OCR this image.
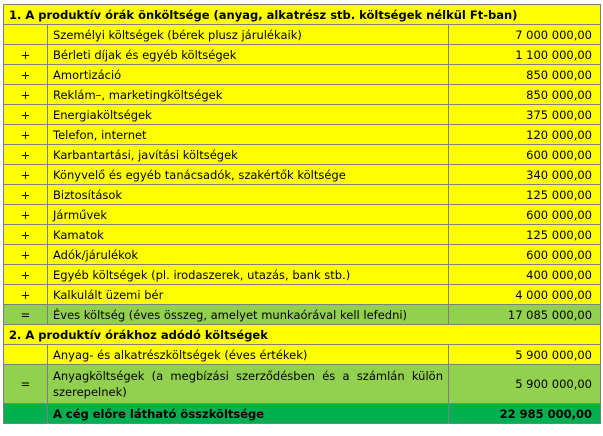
1. A produktív órák önköltsége (anyag, alkatrész stb. költségek nélkül Ft-ban)		
	Személyi költségek (bérek plusz járulékaik)	7 000 000,00
+	Bérleti díjak és egyéb költségek	1 100 000,00
+	Amortizáció	850 000,00
+	Reklám–, marketingköltségek	850 000,00
+	Energiaköltségek	375 000,00
+	Telefon, internet	120 000,00
+	Karbantartási, javítási költségek	600 000,00
+	Könyvelő és egyéb tanácsadók, szakértők költsége	340 000,00
+	Biztosítások	125 000,00
+	Járművek	600 000,00
+	Kamatok	125 000,00
+	Adók/járulékok	600 000,00
+	Egyéb költségek (pl. irodaszerek, utazás, bank stb.)	400 000,00
+	Kalkulált üzemi bér	4 000 000,00
=	Éves költség (éves összeg, amelyet munkaórával kell lefedni)	17 085 000,00
2. A produktív órákhoz adódó költségek		
	Anyag- és alkatrészköltségek (éves értékek)	5 900 000,00
=	Anyagköltségek (a megbízási szerződésben és a számlán külön szerepelnek)	5 900 000,00
	A cég előre látható összköltsége	22 985 000,00
